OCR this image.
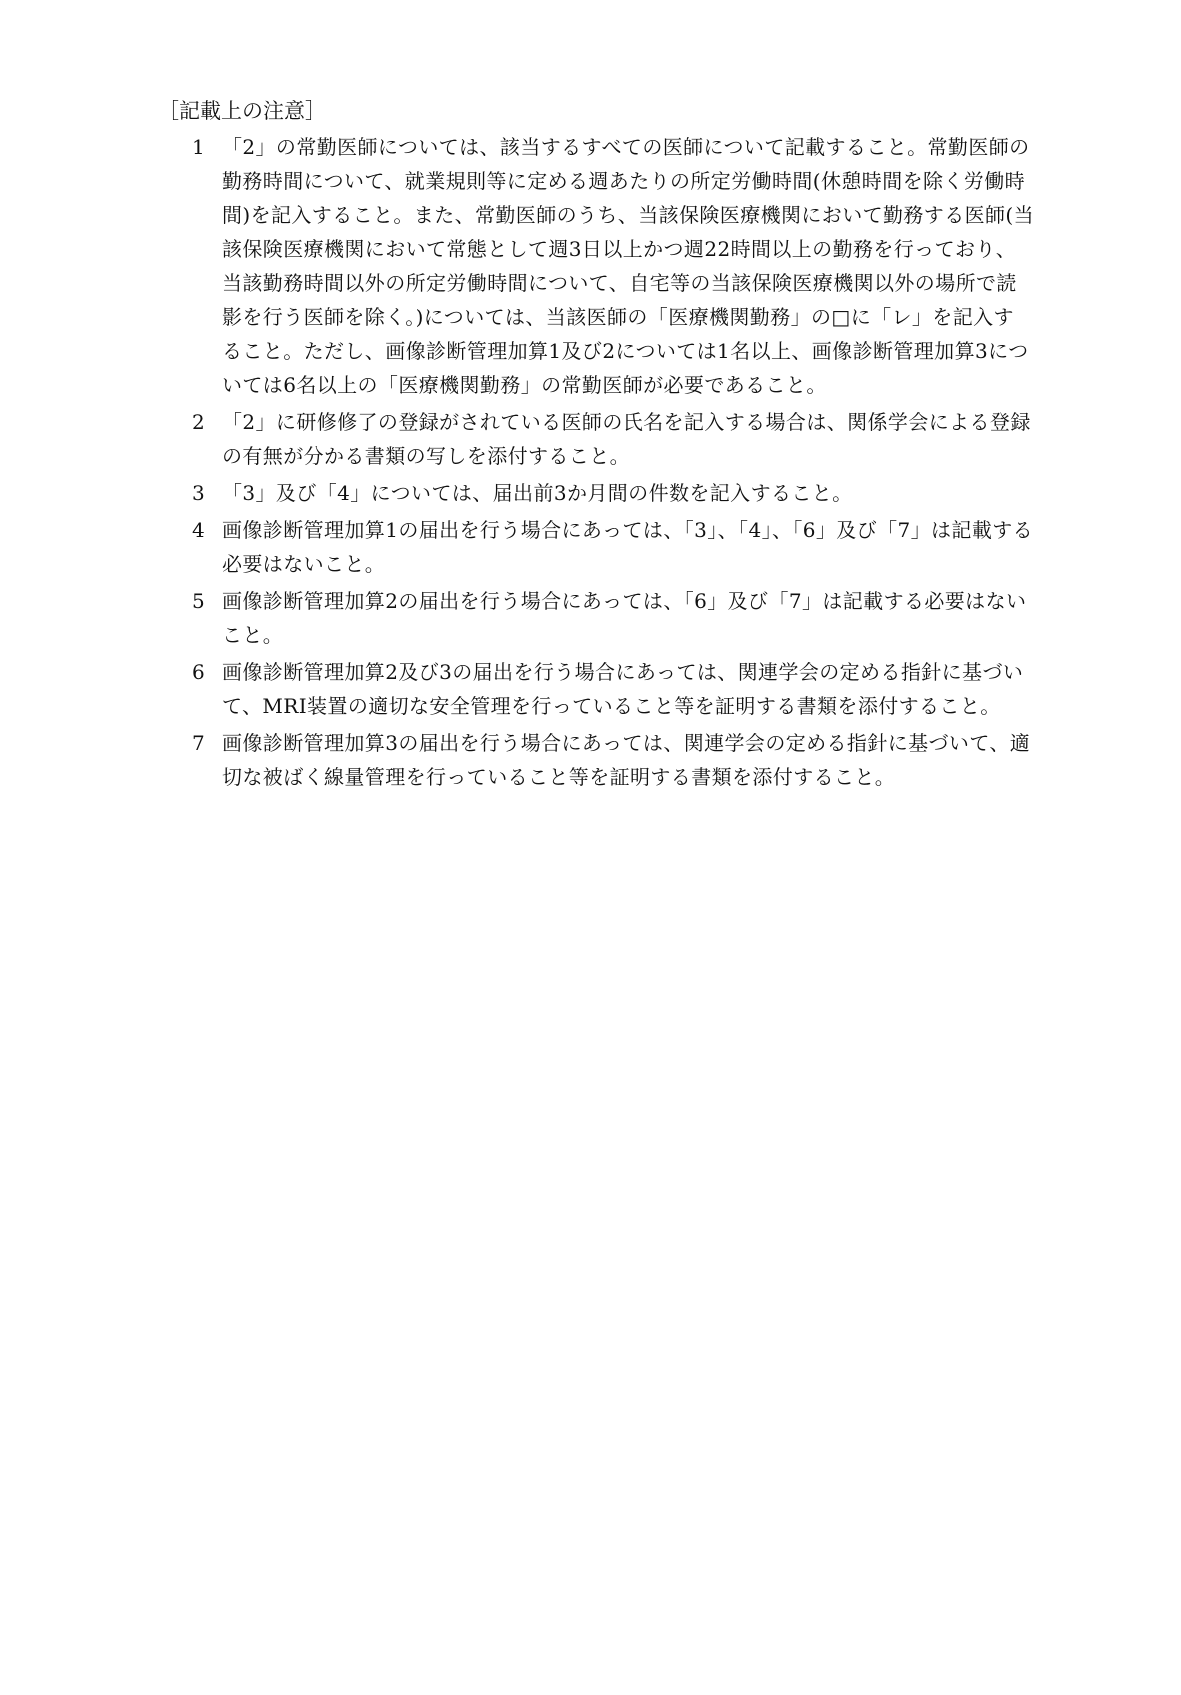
［記載上の注意］
1 「2」の常勤医師については、該当するすべての医師について記載すること。常勤医師の勤務時間について、就業規則等に定める週あたりの所定労働時間(休憩時間を除く労働時間)を記入すること。また、常勤医師のうち、当該保険医療機関において勤務する医師(当該保険医療機関において常態として週3日以上かつ週22時間以上の勤務を行っており、当該勤務時間以外の所定労働時間について、自宅等の当該保険医療機関以外の場所で読影を行う医師を除く。)については、当該医師の「医療機関勤務」の□に「レ」を記入すること。ただし、画像診断管理加算1及び2については1名以上、画像診断管理加算3については6名以上の「医療機関勤務」の常勤医師が必要であること。
2 「2」に研修修了の登録がされている医師の氏名を記入する場合は、関係学会による登録の有無が分かる書類の写しを添付すること。
3 「3」及び「4」については、届出前3か月間の件数を記入すること。
4 画像診断管理加算1の届出を行う場合にあっては、「3」、「4」、「6」及び「7」は記載する必要はないこと。
5 画像診断管理加算2の届出を行う場合にあっては、「6」及び「7」は記載する必要はないこと。
6 画像診断管理加算2及び3の届出を行う場合にあっては、関連学会の定める指針に基づいて、MRI装置の適切な安全管理を行っていること等を証明する書類を添付すること。
7 画像診断管理加算3の届出を行う場合にあっては、関連学会の定める指針に基づいて、適切な被ばく線量管理を行っていること等を証明する書類を添付すること。
